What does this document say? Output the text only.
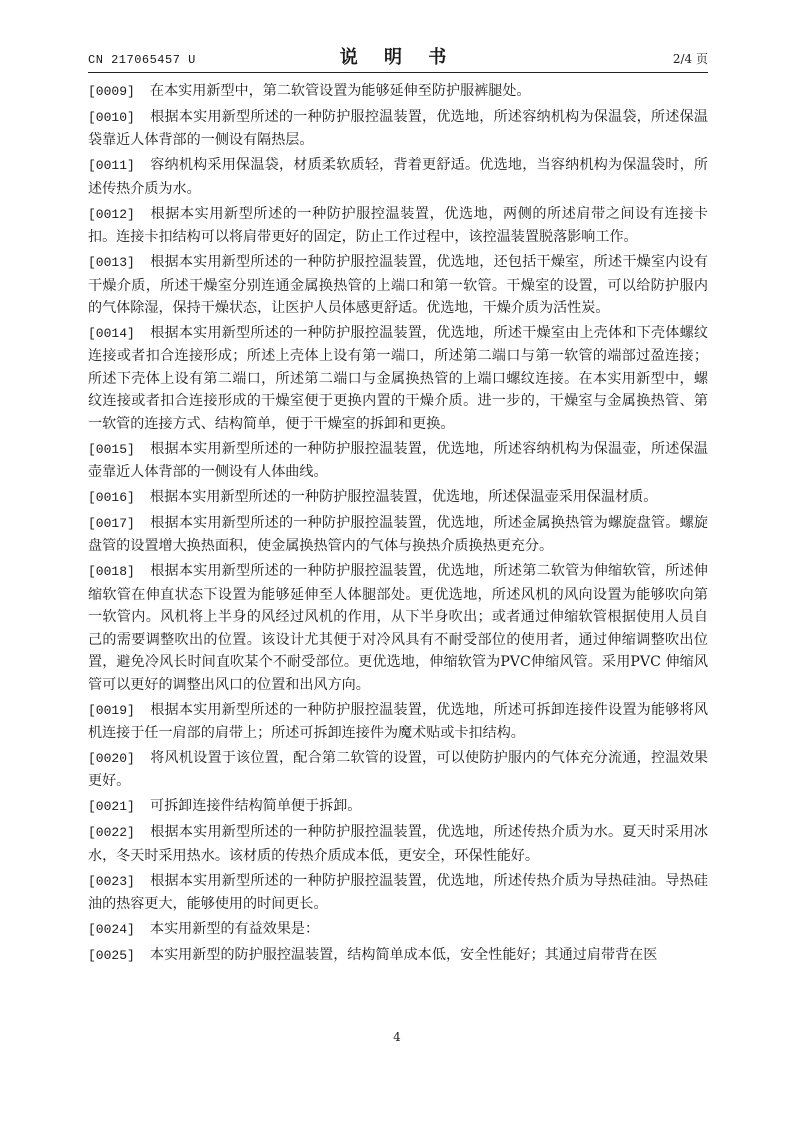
CN 217065457 U	说 明 书	2/4 页
[0009] 在本实用新型中，第二软管设置为能够延伸至防护服裤腿处。
[0010] 根据本实用新型所述的一种防护服控温装置，优选地，所述容纳机构为保温袋，所述保温袋靠近人体背部的一侧设有隔热层。
[0011] 容纳机构采用保温袋，材质柔软质轻，背着更舒适。优选地，当容纳机构为保温袋时，所述传热介质为水。
[0012] 根据本实用新型所述的一种防护服控温装置，优选地，两侧的所述肩带之间设有连接卡扣。连接卡扣结构可以将肩带更好的固定，防止工作过程中，该控温装置脱落影响工作。
[0013] 根据本实用新型所述的一种防护服控温装置，优选地，还包括干燥室，所述干燥室内设有干燥介质，所述干燥室分别连通金属换热管的上端口和第一软管。干燥室的设置，可以给防护服内的气体除湿，保持干燥状态，让医护人员体感更舒适。优选地，干燥介质为活性炭。
[0014] 根据本实用新型所述的一种防护服控温装置，优选地，所述干燥室由上壳体和下壳体螺纹连接或者扣合连接形成；所述上壳体上设有第一端口，所述第二端口与第一软管的端部过盈连接；所述下壳体上设有第二端口，所述第二端口与金属换热管的上端口螺纹连接。在本实用新型中，螺纹连接或者扣合连接形成的干燥室便于更换内置的干燥介质。进一步的，干燥室与金属换热管、第一软管的连接方式、结构简单，便于干燥室的拆卸和更换。
[0015] 根据本实用新型所述的一种防护服控温装置，优选地，所述容纳机构为保温壶，所述保温壶靠近人体背部的一侧设有人体曲线。
[0016] 根据本实用新型所述的一种防护服控温装置，优选地，所述保温壶采用保温材质。
[0017] 根据本实用新型所述的一种防护服控温装置，优选地，所述金属换热管为螺旋盘管。螺旋盘管的设置增大换热面积，使金属换热管内的气体与换热介质换热更充分。
[0018] 根据本实用新型所述的一种防护服控温装置，优选地，所述第二软管为伸缩软管，所述伸缩软管在伸直状态下设置为能够延伸至人体腿部处。更优选地，所述风机的风向设置为能够吹向第一软管内。风机将上半身的风经过风机的作用，从下半身吹出；或者通过伸缩软管根据使用人员自己的需要调整吹出的位置。该设计尤其便于对冷风具有不耐受部位的使用者，通过伸缩调整吹出位置，避免冷风长时间直吹某个不耐受部位。更优选地，伸缩软管为PVC伸缩风管。采用PVC 伸缩风管可以更好的调整出风口的位置和出风方向。
[0019] 根据本实用新型所述的一种防护服控温装置，优选地，所述可拆卸连接件设置为能够将风机连接于任一肩部的肩带上；所述可拆卸连接件为魔术贴或卡扣结构。
[0020] 将风机设置于该位置，配合第二软管的设置，可以使防护服内的气体充分流通，控温效果更好。
[0021] 可拆卸连接件结构简单便于拆卸。
[0022] 根据本实用新型所述的一种防护服控温装置，优选地，所述传热介质为水。夏天时采用冰水，冬天时采用热水。该材质的传热介质成本低，更安全，环保性能好。
[0023] 根据本实用新型所述的一种防护服控温装置，优选地，所述传热介质为导热硅油。导热硅油的热容更大，能够使用的时间更长。
[0024] 本实用新型的有益效果是：
[0025] 本实用新型的防护服控温装置，结构简单成本低，安全性能好；其通过肩带背在医
4
